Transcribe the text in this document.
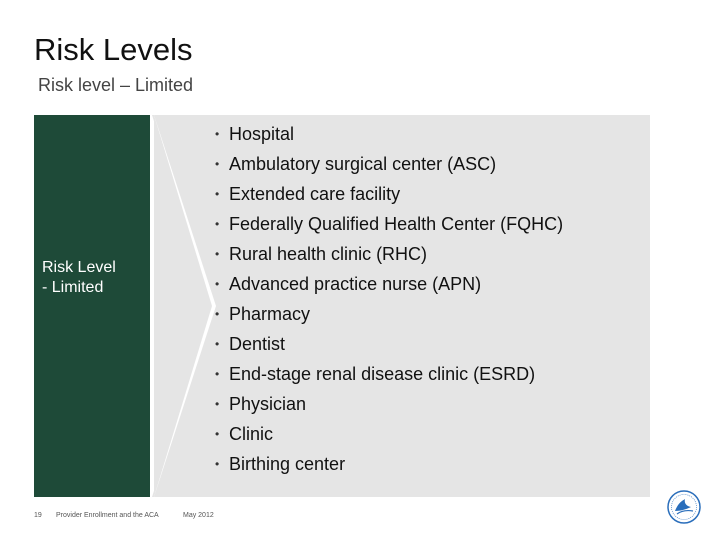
Risk Levels
Risk level – Limited
Risk Level
- Limited
• Hospital
• Ambulatory surgical center (ASC)
• Extended care facility
• Federally Qualified Health Center (FQHC)
• Rural health clinic (RHC)
• Advanced practice nurse (APN)
• Pharmacy
• Dentist
• End-stage renal disease clinic (ESRD)
• Physician
• Clinic
• Birthing center
19 Provider Enrollment and the ACA	May 2012
